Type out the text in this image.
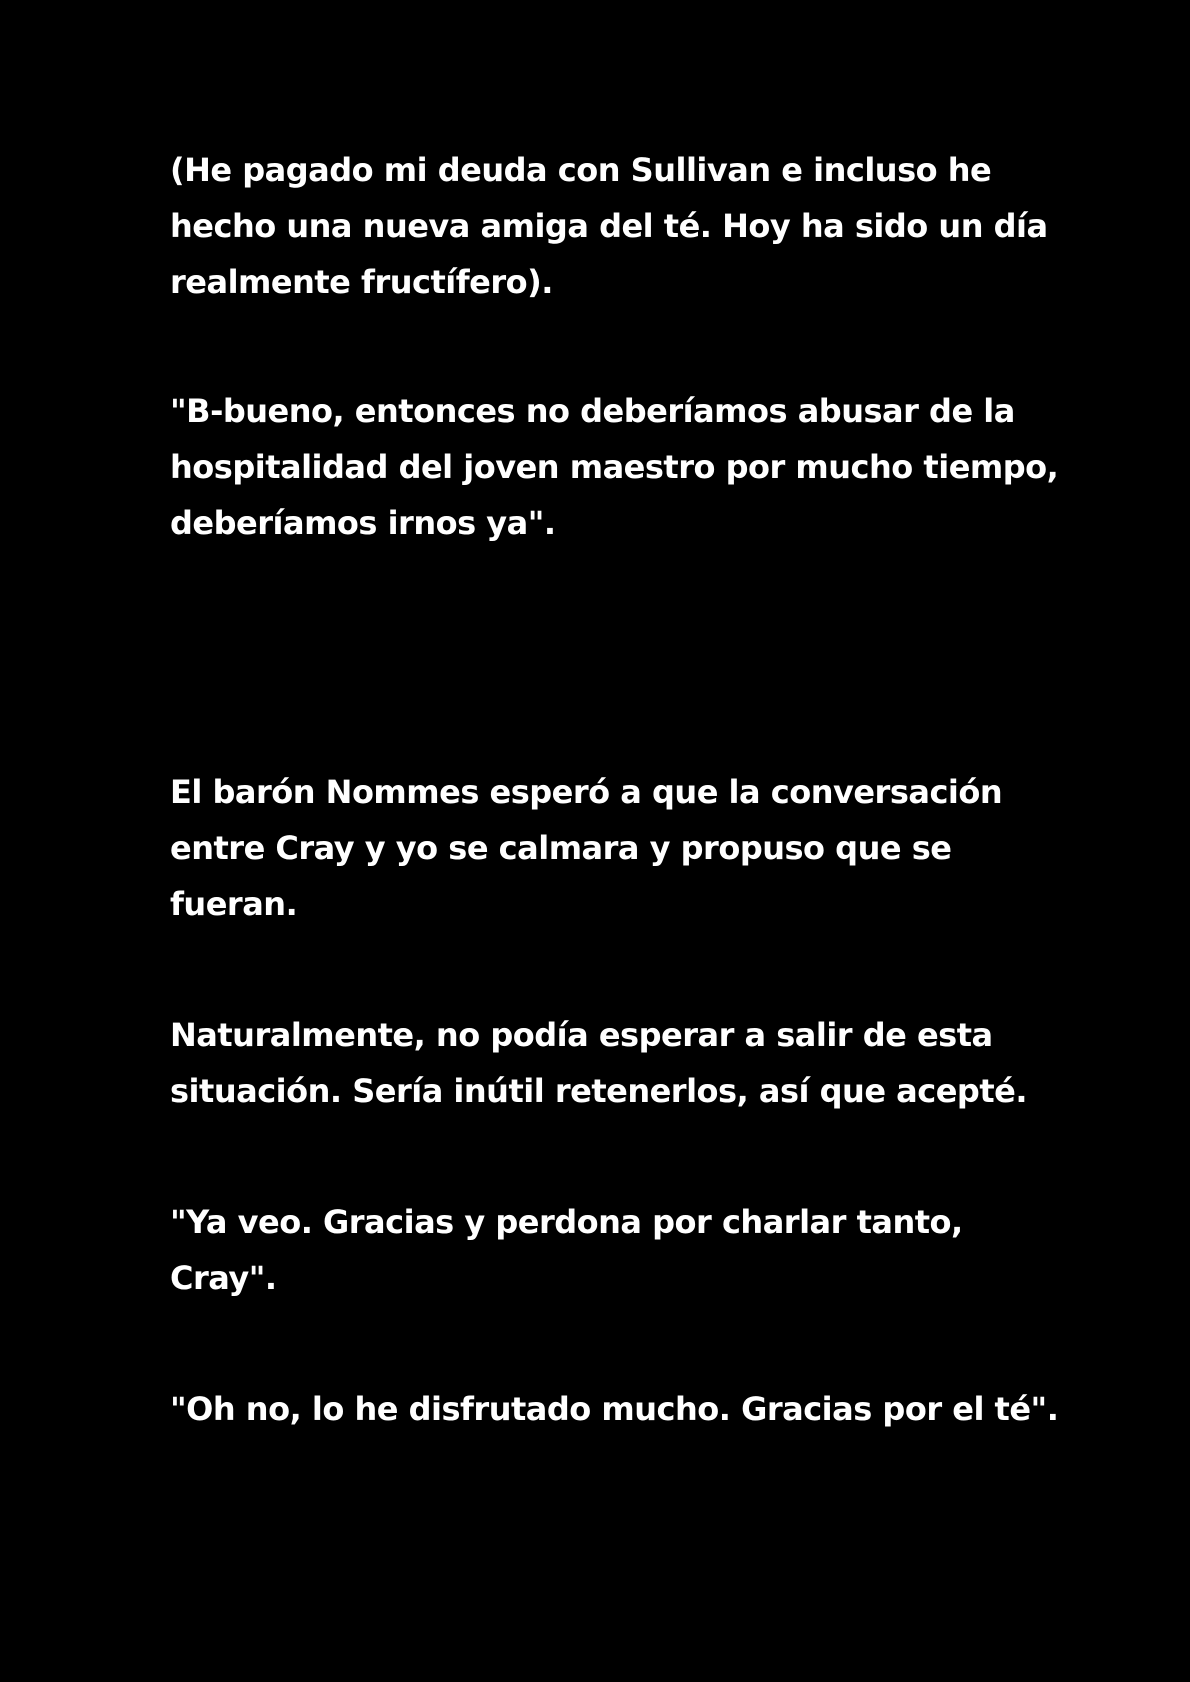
(He pagado mi deuda con Sullivan e incluso he
hecho una nueva amiga del té. Hoy ha sido un día
realmente fructífero).

"B-bueno, entonces no deberíamos abusar de la
hospitalidad del joven maestro por mucho tiempo,
deberíamos irnos ya".

El barón Nommes esperó a que la conversación
entre Cray y yo se calmara y propuso que se
fueran.

Naturalmente, no podía esperar a salir de esta
situación. Sería inútil retenerlos, así que acepté.

"Ya veo. Gracias y perdona por charlar tanto,
Cray".

"Oh no, lo he disfrutado mucho. Gracias por el té".
